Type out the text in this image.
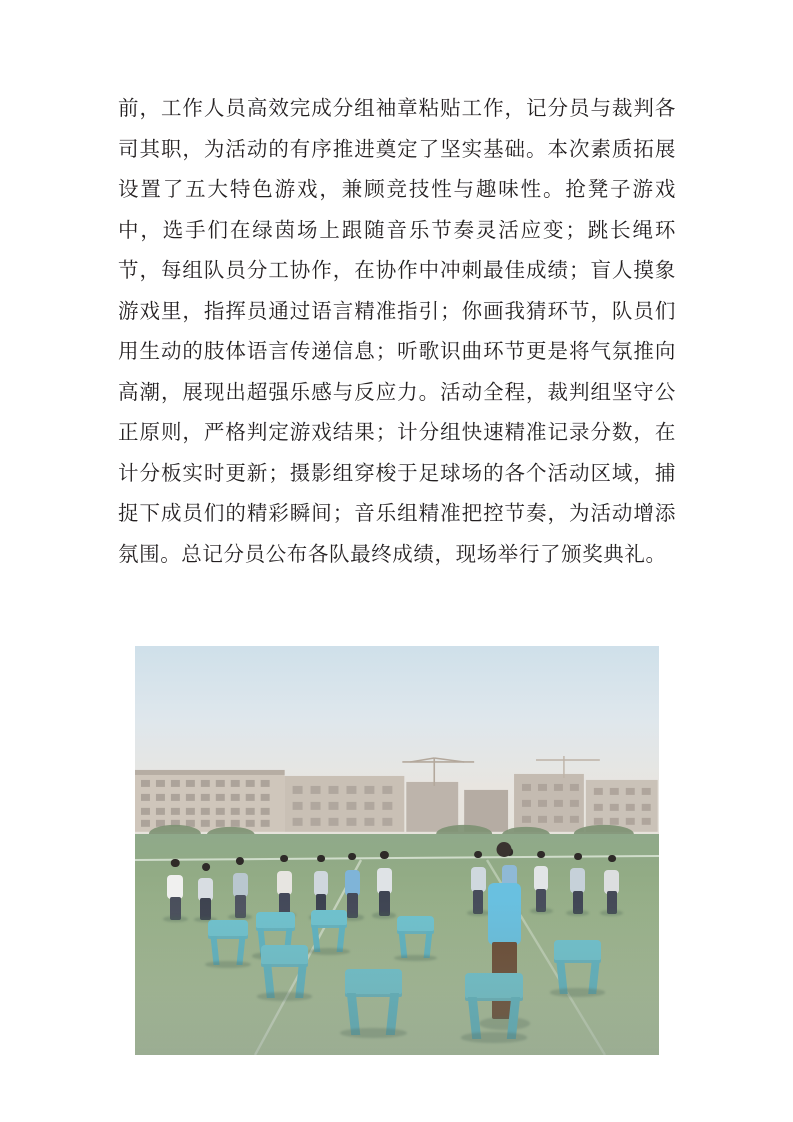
前，工作人员高效完成分组袖章粘贴工作，记分员与裁判各司其职，为活动的有序推进奠定了坚实基础。本次素质拓展设置了五大特色游戏，兼顾竞技性与趣味性。抢凳子游戏中，选手们在绿茵场上跟随音乐节奏灵活应变；跳长绳环节，每组队员分工协作，在协作中冲刺最佳成绩；盲人摸象游戏里，指挥员通过语言精准指引；你画我猜环节，队员们用生动的肢体语言传递信息；听歌识曲环节更是将气氛推向高潮，展现出超强乐感与反应力。活动全程，裁判组坚守公正原则，严格判定游戏结果；计分组快速精准记录分数，在计分板实时更新；摄影组穿梭于足球场的各个活动区域，捕捉下成员们的精彩瞬间；音乐组精准把控节奏，为活动增添氛围。总记分员公布各队最终成绩，现场举行了颁奖典礼。
